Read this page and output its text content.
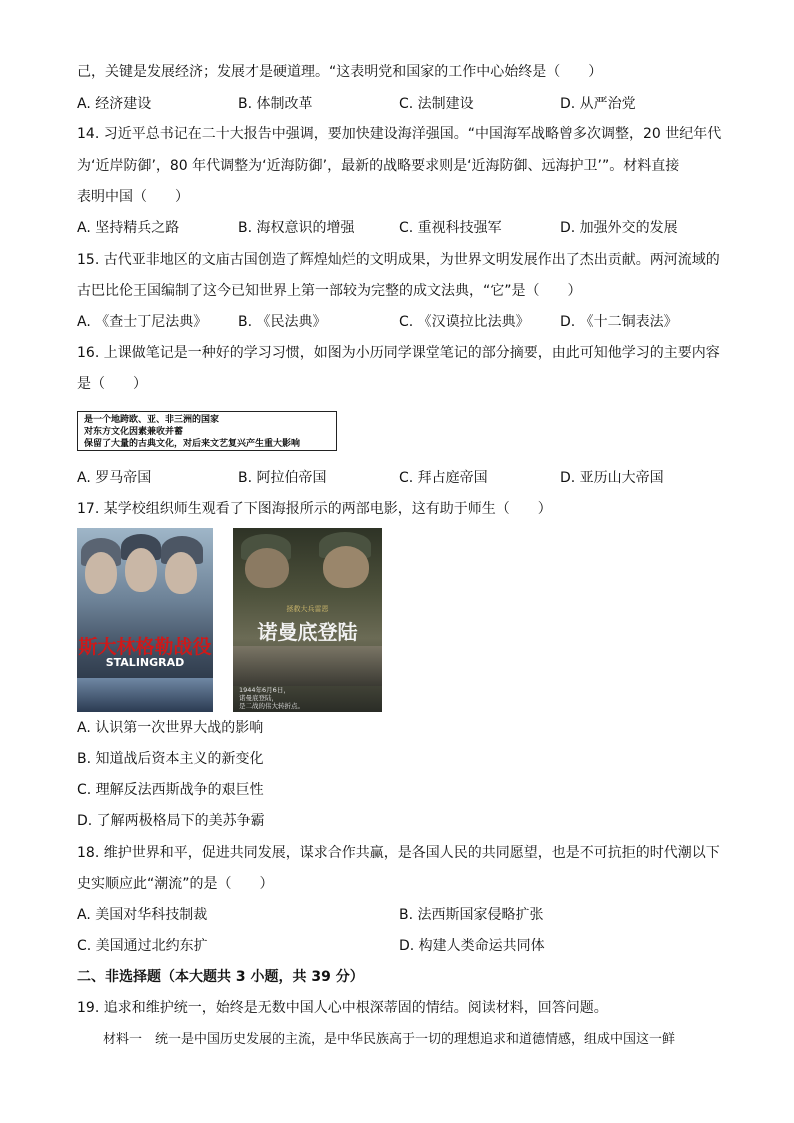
己，关键是发展经济；发展才是硬道理。“这表明党和国家的工作中心始终是（　　）
A. 经济建设	B. 体制改革	C. 法制建设	D. 从严治党
14. 习近平总书记在二十大报告中强调，要加快建设海洋强国。“中国海军战略曾多次调整，20 世纪年代
为‘近岸防御’，80 年代调整为‘近海防御’，最新的战略要求则是‘近海防御、远海护卫’”。材料直接
表明中国（　　）
A. 坚持精兵之路	B. 海权意识的增强	C. 重视科技强军	D. 加强外交的发展
15. 古代亚非地区的文庙古国创造了辉煌灿烂的文明成果，为世界文明发展作出了杰出贡献。两河流域的
古巴比伦王国编制了这今已知世界上第一部较为完整的成文法典，“它”是（　　）
A. 《查士丁尼法典》 B. 《民法典》	C. 《汉谟拉比法典》 D. 《十二铜表法》
16. 上课做笔记是一种好的学习习惯，如图为小历同学课堂笔记的部分摘要，由此可知他学习的主要内容
是（　　）
是一个地跨欧、亚、非三洲的国家
对东方文化因素兼收并蓄
保留了大量的古典文化，对后来文艺复兴产生重大影响
A. 罗马帝国	B. 阿拉伯帝国	C. 拜占庭帝国	D. 亚历山大帝国
17. 某学校组织师生观看了下图海报所示的两部电影，这有助于师生（　　）
斯大林格勒战役
STALINGRAD
拯救大兵雷恩
诺曼底登陆
1944年6月6日，
诺曼底登陆，
是二战的伟大转折点。
A. 认识第一次世界大战的影响
B. 知道战后资本主义的新变化
C. 理解反法西斯战争的艰巨性
D. 了解两极格局下的美苏争霸
18. 维护世界和平，促进共同发展，谋求合作共赢，是各国人民的共同愿望，也是不可抗拒的时代潮以下
史实顺应此“潮流”的是（　　）
A. 美国对华科技制裁	B. 法西斯国家侵略扩张
C. 美国通过北约东扩	D. 构建人类命运共同体
二、非选择题（本大题共 3 小题，共 39 分）
19. 追求和维护统一，始终是无数中国人心中根深蒂固的情结。阅读材料，回答问题。
材料一　统一是中国历史发展的主流，是中华民族高于一切的理想追求和道德情感，组成中国这一鲜
